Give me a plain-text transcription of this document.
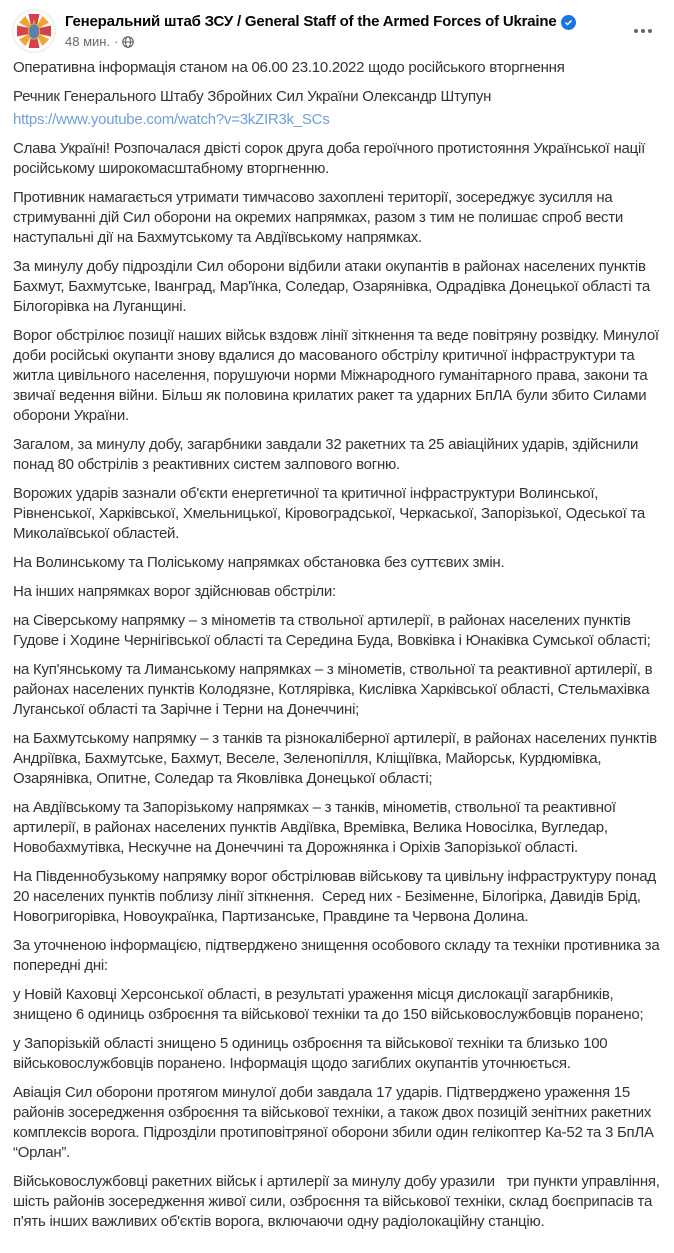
Генеральний штаб ЗСУ / General Staff of the Armed Forces of Ukraine
48 мин. ·
Оперативна інформація станом на 06.00 23.10.2022 щодо російського вторгнення
Речник Генерального Штабу Збройних Сил України Олександр Штупун
https://www.youtube.com/watch?v=3kZIR3k_SCs
Слава Україні! Розпочалася двісті сорок друга доба героїчного протистояння Української нації російському широкомасштабному вторгненню.
Противник намагається утримати тимчасово захоплені території, зосереджує зусилля на стримуванні дій Сил оборони на окремих напрямках, разом з тим не полишає спроб вести наступальні дії на Бахмутському та Авдіївському напрямках.
За минулу добу підрозділи Сил оборони відбили атаки окупантів в районах населених пунктів Бахмут, Бахмутське, Іванград, Мар'їнка, Соледар, Озарянівка, Одрадівка Донецької області та Білогорівка на Луганщині.
Ворог обстрілює позиції наших військ вздовж лінії зіткнення та веде повітряну розвідку. Минулої доби російські окупанти знову вдалися до масованого обстрілу критичної інфраструктури та житла цивільного населення, порушуючи норми Міжнародного гуманітарного права, закони та звичаї ведення війни. Більш як половина крилатих ракет та ударних БпЛА були збито Силами оборони України.
Загалом, за минулу добу, загарбники завдали 32 ракетних та 25 авіаційних ударів, здійснили понад 80 обстрілів з реактивних систем залпового вогню.
Ворожих ударів зазнали об'єкти енергетичної та критичної інфраструктури Волинської, Рівненської, Харківської, Хмельницької, Кіровоградської, Черкаської, Запорізької, Одеської та Миколаївської областей.
На Волинському та Поліському напрямках обстановка без суттєвих змін.
На інших напрямках ворог здійснював обстріли:
на Сіверському напрямку – з мінометів та ствольної артилерії, в районах населених пунктів Гудове і Ходине Чернігівської області та Середина Буда, Вовківка і Юнаківка Сумської області;
на Куп'янському та Лиманському напрямках – з мінометів, ствольної та реактивної артилерії, в районах населених пунктів Колодязне, Котлярівка, Кислівка Харківської області, Стельмахівка Луганської області та Зарічне і Терни на Донеччині;
на Бахмутському напрямку – з танків та різнокаліберної артилерії, в районах населених пунктів Андріївка, Бахмутське, Бахмут, Веселе, Зеленопілля, Кліщіївка, Майорськ, Курдюмівка, Озарянівка, Опитне, Соледар та Яковлівка Донецької області;
на Авдіївському та Запорізькому напрямках – з танків, мінометів, ствольної та реактивної артилерії, в районах населених пунктів Авдіївка, Времівка, Велика Новосілка, Вугледар, Новобахмутівка, Нескучне на Донеччині та Дорожнянка і Оріхів Запорізької області.
На Південнобузькому напрямку ворог обстрілював військову та цивільну інфраструктуру понад 20 населених пунктів поблизу лінії зіткнення.  Серед них - Безіменне, Білогірка, Давидів Брід, Новогригорівка, Новоукраїнка, Партизанське, Правдине та Червона Долина.
За уточненою інформацією, підтверджено знищення особового складу та техніки противника за попередні дні:
у Новій Каховці Херсонської області, в результаті ураження місця дислокації загарбників, знищено 6 одиниць озброєння та військової техніки та до 150 військовослужбовців поранено;
у Запорізькій області знищено 5 одиниць озброєння та військової техніки та близько 100 військовослужбовців поранено. Інформація щодо загиблих окупантів уточнюється.
Авіація Сил оборони протягом минулої доби завдала 17 ударів. Підтверджено ураження 15 районів зосередження озброєння та військової техніки, а також двох позицій зенітних ракетних комплексів ворога. Підрозділи протиповітряної оборони збили один гелікоптер Ка-52 та 3 БпЛА “Орлан”.
Військовослужбовці ракетних військ і артилерії за минулу добу уразили   три пункти управління, шість районів зосередження живої сили, озброєння та військової техніки, склад боєприпасів та п'ять інших важливих об'єктів ворога, включаючи одну радіолокаційну станцію.
